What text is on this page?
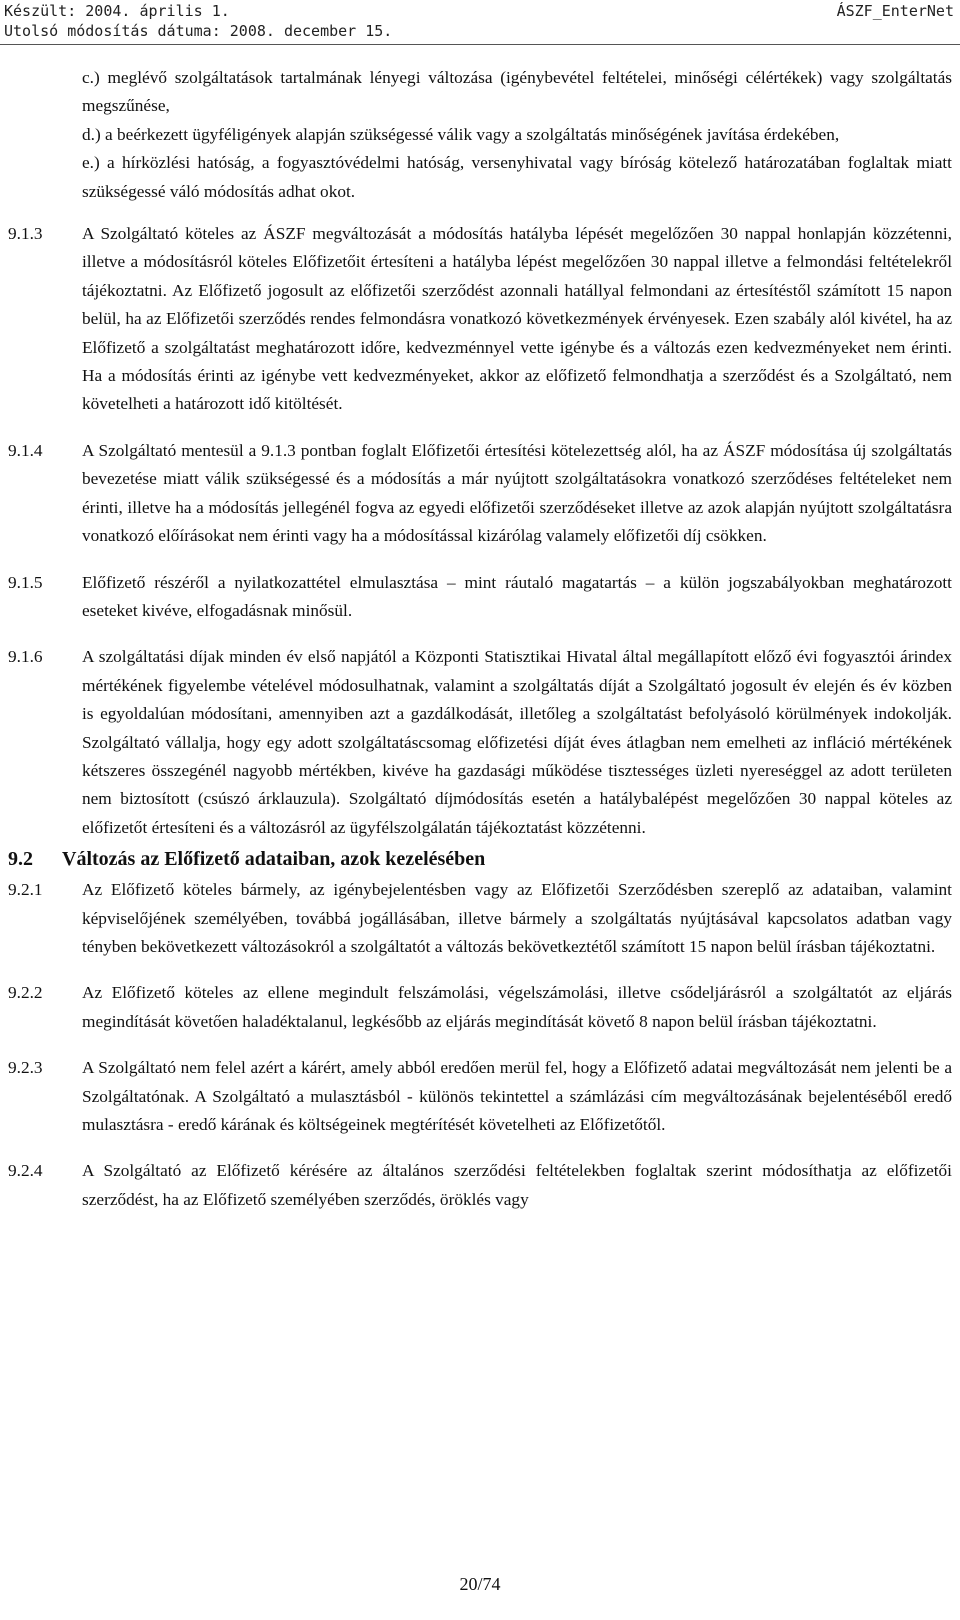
Készült: 2004. április 1.
Utolsó módosítás dátuma: 2008. december 15.
ÁSZF_EnterNet

c.) meglévő szolgáltatások tartalmának lényegi változása (igénybevétel feltételei, minőségi célértékek) vagy szolgáltatás megszűnése,

d.) a beérkezett ügyféligények alapján szükségessé válik vagy a szolgáltatás minőségének javítása érdekében,

e.) a hírközlési hatóság, a fogyasztóvédelmi hatóság, versenyhivatal vagy bíróság kötelező határozatában foglaltak miatt szükségessé váló módosítás adhat okot.

9.1.3	A Szolgáltató köteles az ÁSZF megváltozását a módosítás hatályba lépését megelőzően 30 nappal honlapján közzétenni, illetve a módosításról köteles Előfizetőit értesíteni a hatályba lépést megelőzően 30 nappal illetve a felmondási feltételekről tájékoztatni. Az Előfizető jogosult az előfizetői szerződést azonnali hatállyal felmondani az értesítéstől számított 15 napon belül, ha az Előfizetői szerződés rendes felmondásra vonatkozó következmények érvényesek. Ezen szabály alól kivétel, ha az Előfizető a szolgáltatást meghatározott időre, kedvezménnyel vette igénybe és a változás ezen kedvezményeket nem érinti. Ha a módosítás érinti az igénybe vett kedvezményeket, akkor az előfizető felmondhatja a szerződést és a Szolgáltató, nem követelheti a határozott idő kitöltését.
9.1.4	A Szolgáltató mentesül a 9.1.3 pontban foglalt Előfizetői értesítési kötelezettség alól, ha az ÁSZF módosítása új szolgáltatás bevezetése miatt válik szükségessé és a módosítás a már nyújtott szolgáltatásokra vonatkozó szerződéses feltételeket nem érinti, illetve ha a módosítás jellegénél fogva az egyedi előfizetői szerződéseket illetve az azok alapján nyújtott szolgáltatásra vonatkozó előírásokat nem érinti vagy ha a módosítással kizárólag valamely előfizetői díj csökken.
9.1.5	Előfizető részéről a nyilatkozattétel elmulasztása – mint ráutaló magatartás – a külön jogszabályokban meghatározott eseteket kivéve, elfogadásnak minősül.
9.1.6	A szolgáltatási díjak minden év első napjától a Központi Statisztikai Hivatal által megállapított előző évi fogyasztói árindex mértékének figyelembe vételével módosulhatnak, valamint a szolgáltatás díját a Szolgáltató jogosult év elején és év közben is egyoldalúan módosítani, amennyiben azt a gazdálkodását, illetőleg a szolgáltatást befolyásoló körülmények indokolják. Szolgáltató vállalja, hogy egy adott szolgáltatáscsomag előfizetési díját éves átlagban nem emelheti az infláció mértékének kétszeres összegénél nagyobb mértékben, kivéve ha gazdasági működése tisztességes üzleti nyereséggel az adott területen nem biztosított (csúszó árklauzula). Szolgáltató díjmódosítás esetén a hatálybalépést megelőzően 30 nappal köteles az előfizetőt értesíteni és a változásról az ügyfélszolgálatán tájékoztatást közzétenni.
9.2	Változás az Előfizető adataiban, azok kezelésében
9.2.1	Az Előfizető köteles bármely, az igénybejelentésben vagy az Előfizetői Szerződésben szereplő az adataiban, valamint képviselőjének személyében, továbbá jogállásában, illetve bármely a szolgáltatás nyújtásával kapcsolatos adatban vagy tényben bekövetkezett változásokról a szolgáltatót a változás bekövetkeztétől számított 15 napon belül írásban tájékoztatni.
9.2.2	Az Előfizető köteles az ellene megindult felszámolási, végelszámolási, illetve csődeljárásról a szolgáltatót az eljárás megindítását követően haladéktalanul, legkésőbb az eljárás megindítását követő 8 napon belül írásban tájékoztatni.
9.2.3	A Szolgáltató nem felel azért a kárért, amely abból eredően merül fel, hogy a Előfizető adatai megváltozását nem jelenti be a Szolgáltatónak. A Szolgáltató a mulasztásból - különös tekintettel a számlázási cím megváltozásának bejelentéséből eredő mulasztásra - eredő kárának és költségeinek megtérítését követelheti az Előfizetőtől.
9.2.4	A Szolgáltató az Előfizető kérésére az általános szerződési feltételekben foglaltak szerint módosíthatja az előfizetői szerződést, ha az Előfizető személyében szerződés, öröklés vagy
20/74
